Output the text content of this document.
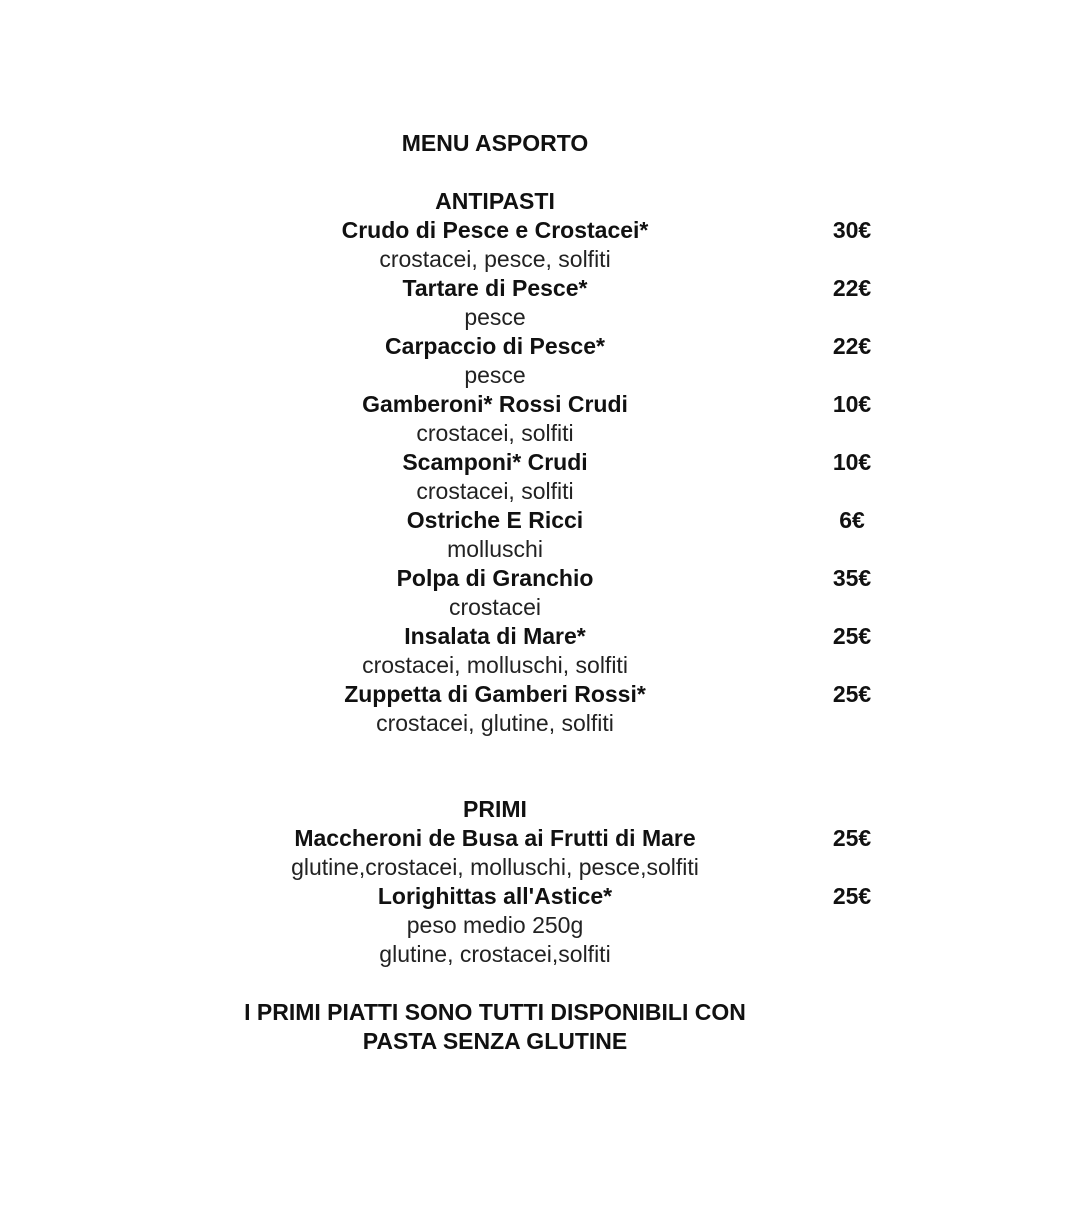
MENU ASPORTO
ANTIPASTI
Crudo di Pesce e Crostacei*	30€
crostacei, pesce, solfiti
Tartare di Pesce*	22€
pesce
Carpaccio di Pesce*	22€
pesce
Gamberoni* Rossi Crudi	10€
crostacei, solfiti
Scamponi* Crudi	10€
crostacei, solfiti
Ostriche E Ricci	6€
molluschi
Polpa di Granchio	35€
crostacei
Insalata di Mare*	25€
crostacei, molluschi, solfiti
Zuppetta di Gamberi Rossi*	25€
crostacei, glutine, solfiti
PRIMI
Maccheroni de Busa ai Frutti di Mare	25€
glutine,crostacei, molluschi, pesce,solfiti
Lorighittas all'Astice*	25€
peso medio 250g
glutine, crostacei,solfiti
I PRIMI PIATTI SONO TUTTI DISPONIBILI CON
PASTA SENZA GLUTINE
